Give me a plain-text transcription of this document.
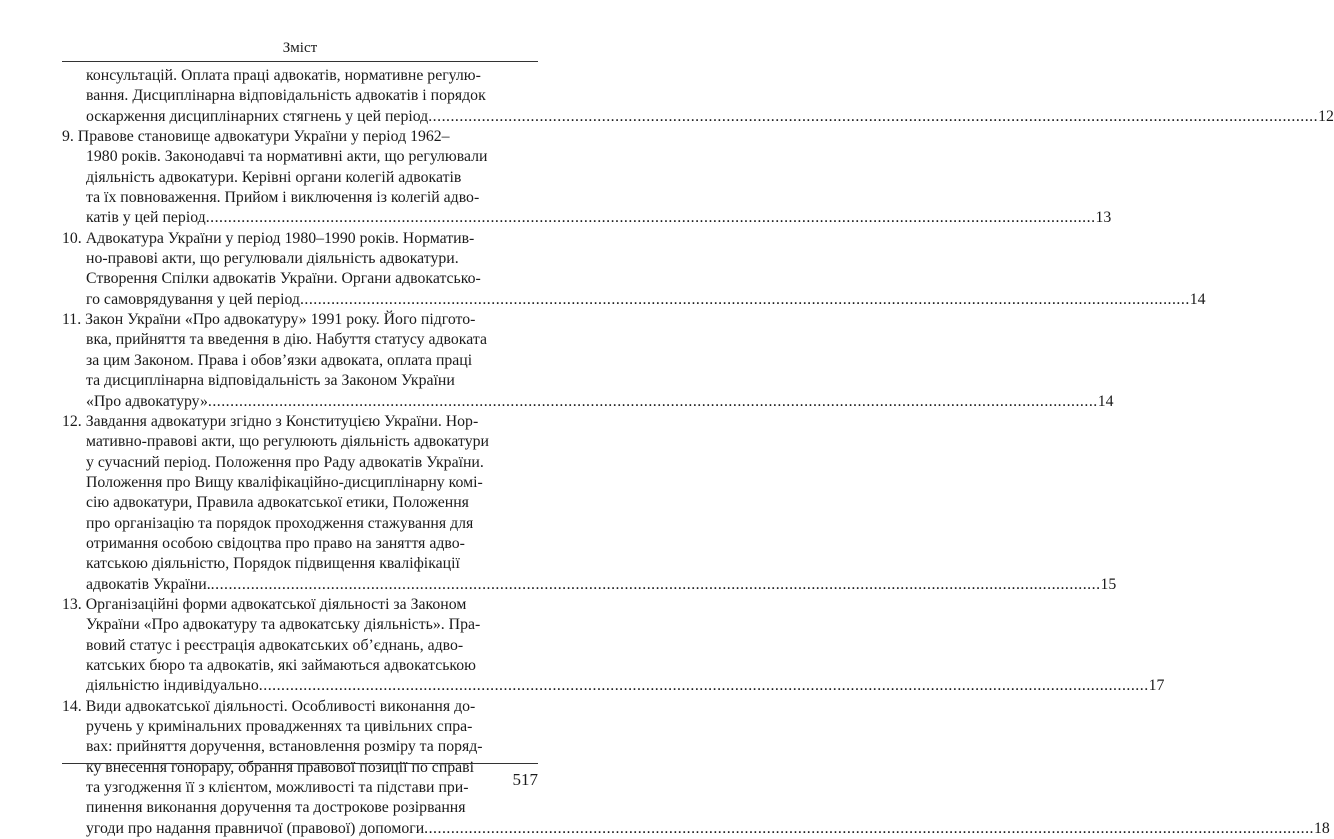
Зміст
консультацій. Оплата праці адвокатів, нормативне регулю-
вання. Дисциплінарна відповідальність адвокатів і порядок
оскарження дисциплінарних стягнень у цей період ........................................................................................................................................................................................................ 12
9. Правове становище адвокатури України у період 1962–
1980 років. Законодавчі та нормативні акти, що регулювали
діяльність адвокатури. Керівні органи колегій адвокатів
та їх повноваження. Прийом і виключення із колегій адво-
катів у цей період ........................................................................................................................................................................................................ 13
10. Адвокатура України у період 1980–1990 років. Норматив-
но-правові акти, що регулювали діяльність адвокатури.
Створення Спілки адвокатів України. Органи адвокатсько-
го самоврядування у цей період ........................................................................................................................................................................................................ 14
11. Закон України «Про адвокатуру» 1991 року. Його підгото-
вка, прийняття та введення в дію. Набуття статусу адвоката
за цим Законом. Права і обов’язки адвоката, оплата праці
та дисциплінарна відповідальність за Законом України
«Про адвокатуру» ........................................................................................................................................................................................................ 14
12. Завдання адвокатури згідно з Конституцією України. Нор-
мативно-правові акти, що регулюють діяльність адвокатури
у сучасний період. Положення про Раду адвокатів України.
Положення про Вищу кваліфікаційно-дисциплінарну комі-
сію адвокатури, Правила адвокатської етики, Положення
про організацію та порядок проходження стажування для
отримання особою свідоцтва про право на заняття адво-
катською діяльністю, Порядок підвищення кваліфікації
адвокатів України. ........................................................................................................................................................................................................ 15
13. Організаційні форми адвокатської діяльності за Законом
України «Про адвокатуру та адвокатську діяльність». Пра-
вовий статус і реєстрація адвокатських об’єднань, адво-
катських бюро та адвокатів, які займаються адвокатською
діяльністю індивідуально ........................................................................................................................................................................................................ 17
14. Види адвокатської діяльності. Особливості виконання до-
ручень у кримінальних провадженнях та цивільних спра-
вах: прийняття доручення, встановлення розміру та поряд-
ку внесення гонорару, обрання правової позиції по справі
та узгодження її з клієнтом, можливості та підстави при-
пинення виконання доручення та дострокове розірвання
угоди про надання правничої (правової) допомоги ........................................................................................................................................................................................................ 18
517
